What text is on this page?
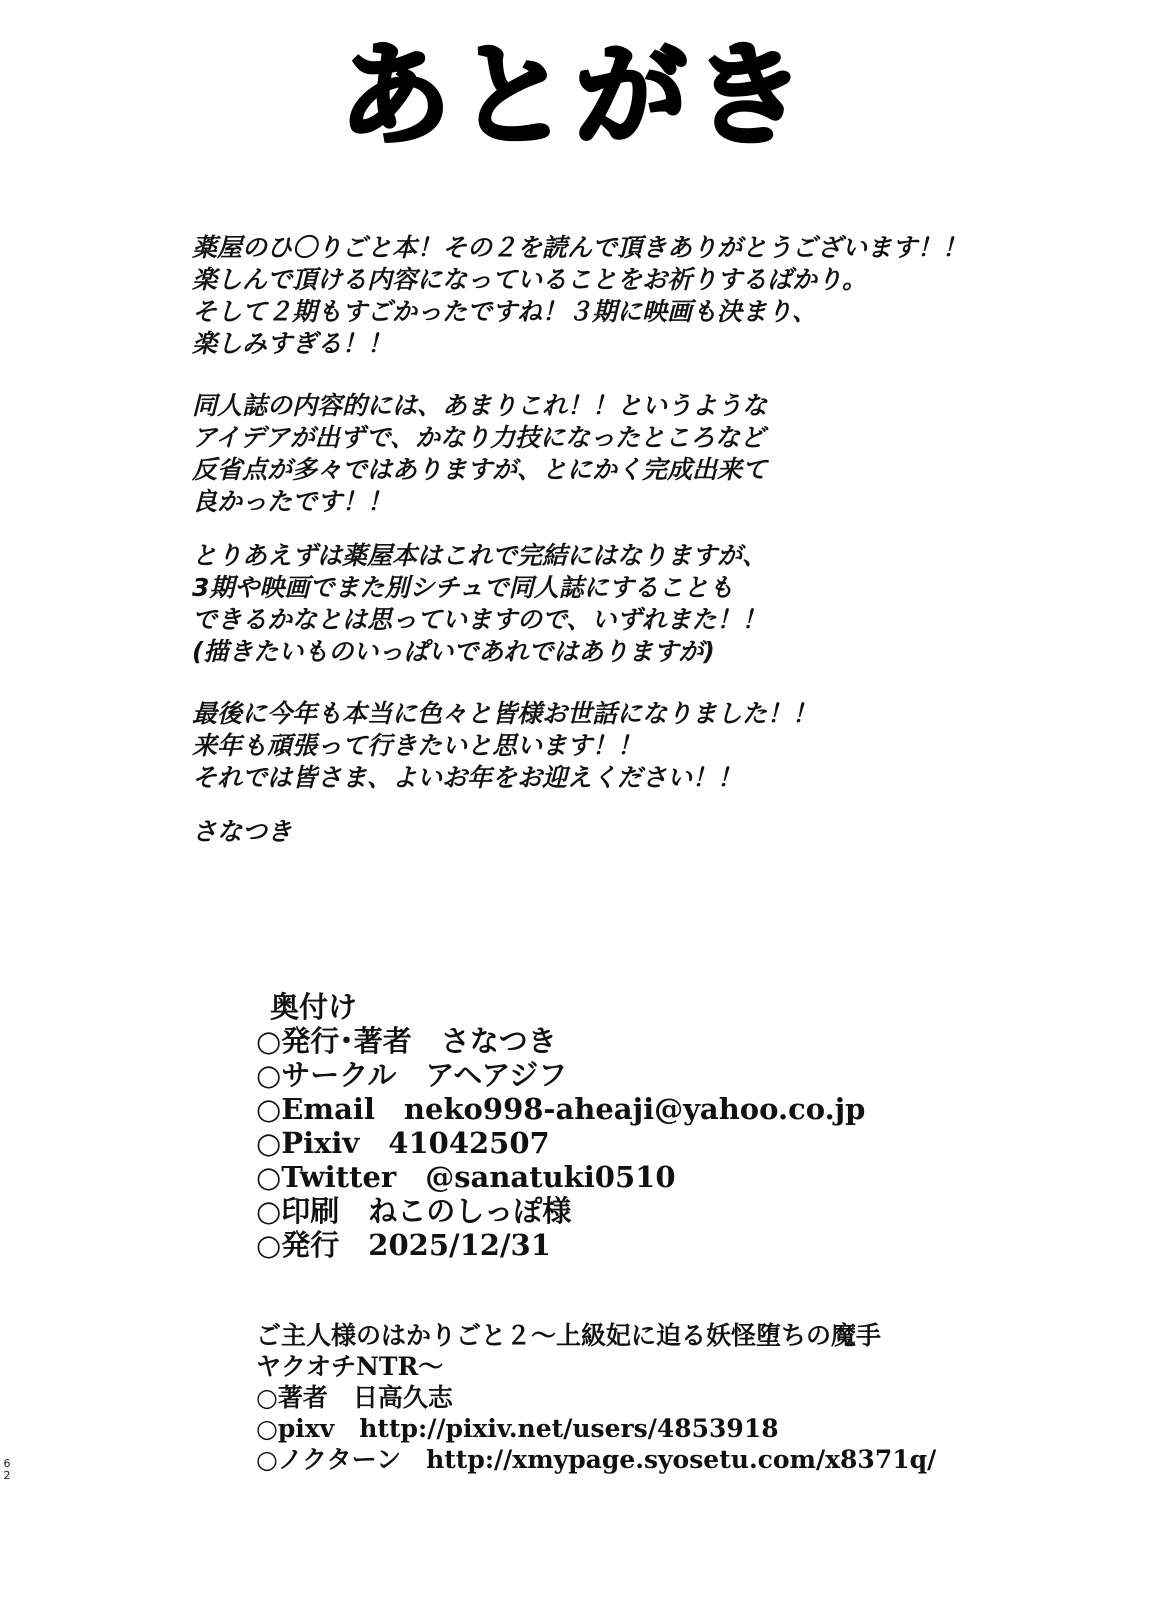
あとがき

薬屋のひ〇りごと本！その２を読んで頂きありがとうございます！！

楽しんで頂ける内容になっていることをお祈りするばかり。

そして２期もすごかったですね！３期に映画も決まり、

楽しみすぎる！！

同人誌の内容的には、あまりこれ！！というような

アイデアが出ずで、かなり力技になったところなど

反省点が多々ではありますが、とにかく完成出来て

良かったです！！

とりあえずは薬屋本はこれで完結にはなりますが、

3期や映画でまた別シチュで同人誌にすることも

できるかなとは思っていますので、いずれまた！！

(描きたいものいっぱいであれではありますが)

最後に今年も本当に色々と皆様お世話になりました！！

来年も頑張って行きたいと思います！！

それでは皆さま、よいお年をお迎えください！！

さなつき

奥付け
○発行･著者　さなつき
○サークル　アヘアジフ
○Email　neko998-aheaji@yahoo.co.jp
○Pixiv　41042507
○Twitter　@sanatuki0510
○印刷　ねこのしっぽ様
○発行　2025/12/31
ご主人様のはかりごと２～上級妃に迫る妖怪堕ちの魔手
ヤクオチNTR～
○著者　日高久志
○pixv　http://pixiv.net/users/4853918
○ノクターン　http://xmypage.syosetu.com/x8371q/
6
2
